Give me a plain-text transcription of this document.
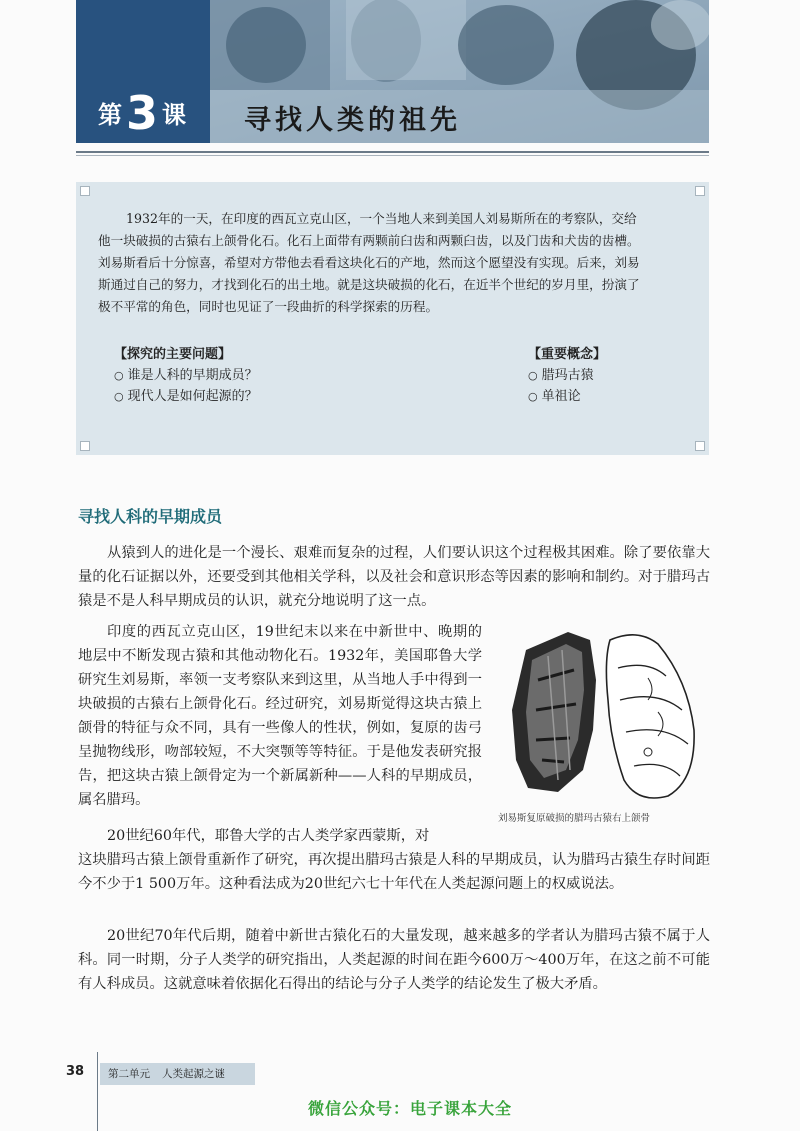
第3 课 寻找人类的祖先
1932年的一天，在印度的西瓦立克山区，一个当地人来到美国人刘易斯所在的考察队，交给
他一块破损的古猿右上颌骨化石。化石上面带有两颗前臼齿和两颗臼齿，以及门齿和犬齿的齿槽。
刘易斯看后十分惊喜，希望对方带他去看看这块化石的产地，然而这个愿望没有实现。后来，刘易
斯通过自己的努力，才找到化石的出土地。就是这块破损的化石，在近半个世纪的岁月里，扮演了
极不平常的角色，同时也见证了一段曲折的科学探索的历程。
【探究的主要问题】
○ 谁是人科的早期成员？
○ 现代人是如何起源的？
【重要概念】
○ 腊玛古猿
○ 单祖论
寻找人科的早期成员
从猿到人的进化是一个漫长、艰难而复杂的过程，人们要认识这个过程极其困难。除了要依靠大量的化石证据以外，还要受到其他相关学科，以及社会和意识形态等因素的影响和制约。对于腊玛古猿是不是人科早期成员的认识，就充分地说明了这一点。
印度的西瓦立克山区，19世纪末以来在中新世中、晚期的地层中不断发现古猿和其他动物化石。1932年，美国耶鲁大学研究生刘易斯，率领一支考察队来到这里，从当地人手中得到一块破损的古猿右上颌骨化石。经过研究，刘易斯觉得这块古猿上颌骨的特征与众不同，具有一些像人的性状，例如，复原的齿弓呈抛物线形，吻部较短，不大突颚等等特征。于是他发表研究报告，把这块古猿上颌骨定为一个新属新种——人科的早期成员，属名腊玛。
20世纪60年代，耶鲁大学的古人类学家西蒙斯，对
这块腊玛古猿上颌骨重新作了研究，再次提出腊玛古猿是人科的早期成员，认为腊玛古猿生存时间距今不少于1 500万年。这种看法成为20世纪六七十年代在人类起源问题上的权威说法。
20世纪70年代后期，随着中新世古猿化石的大量发现，越来越多的学者认为腊玛古猿不属于人科。同一时期，分子人类学的研究指出，人类起源的时间在距今600万～400万年，在这之前不可能有人科成员。这就意味着依据化石得出的结论与分子人类学的结论发生了极大矛盾。
刘易斯复原破损的腊玛古猿右上颌骨
38	第二单元 人类起源之谜
微信公众号：电子课本大全
